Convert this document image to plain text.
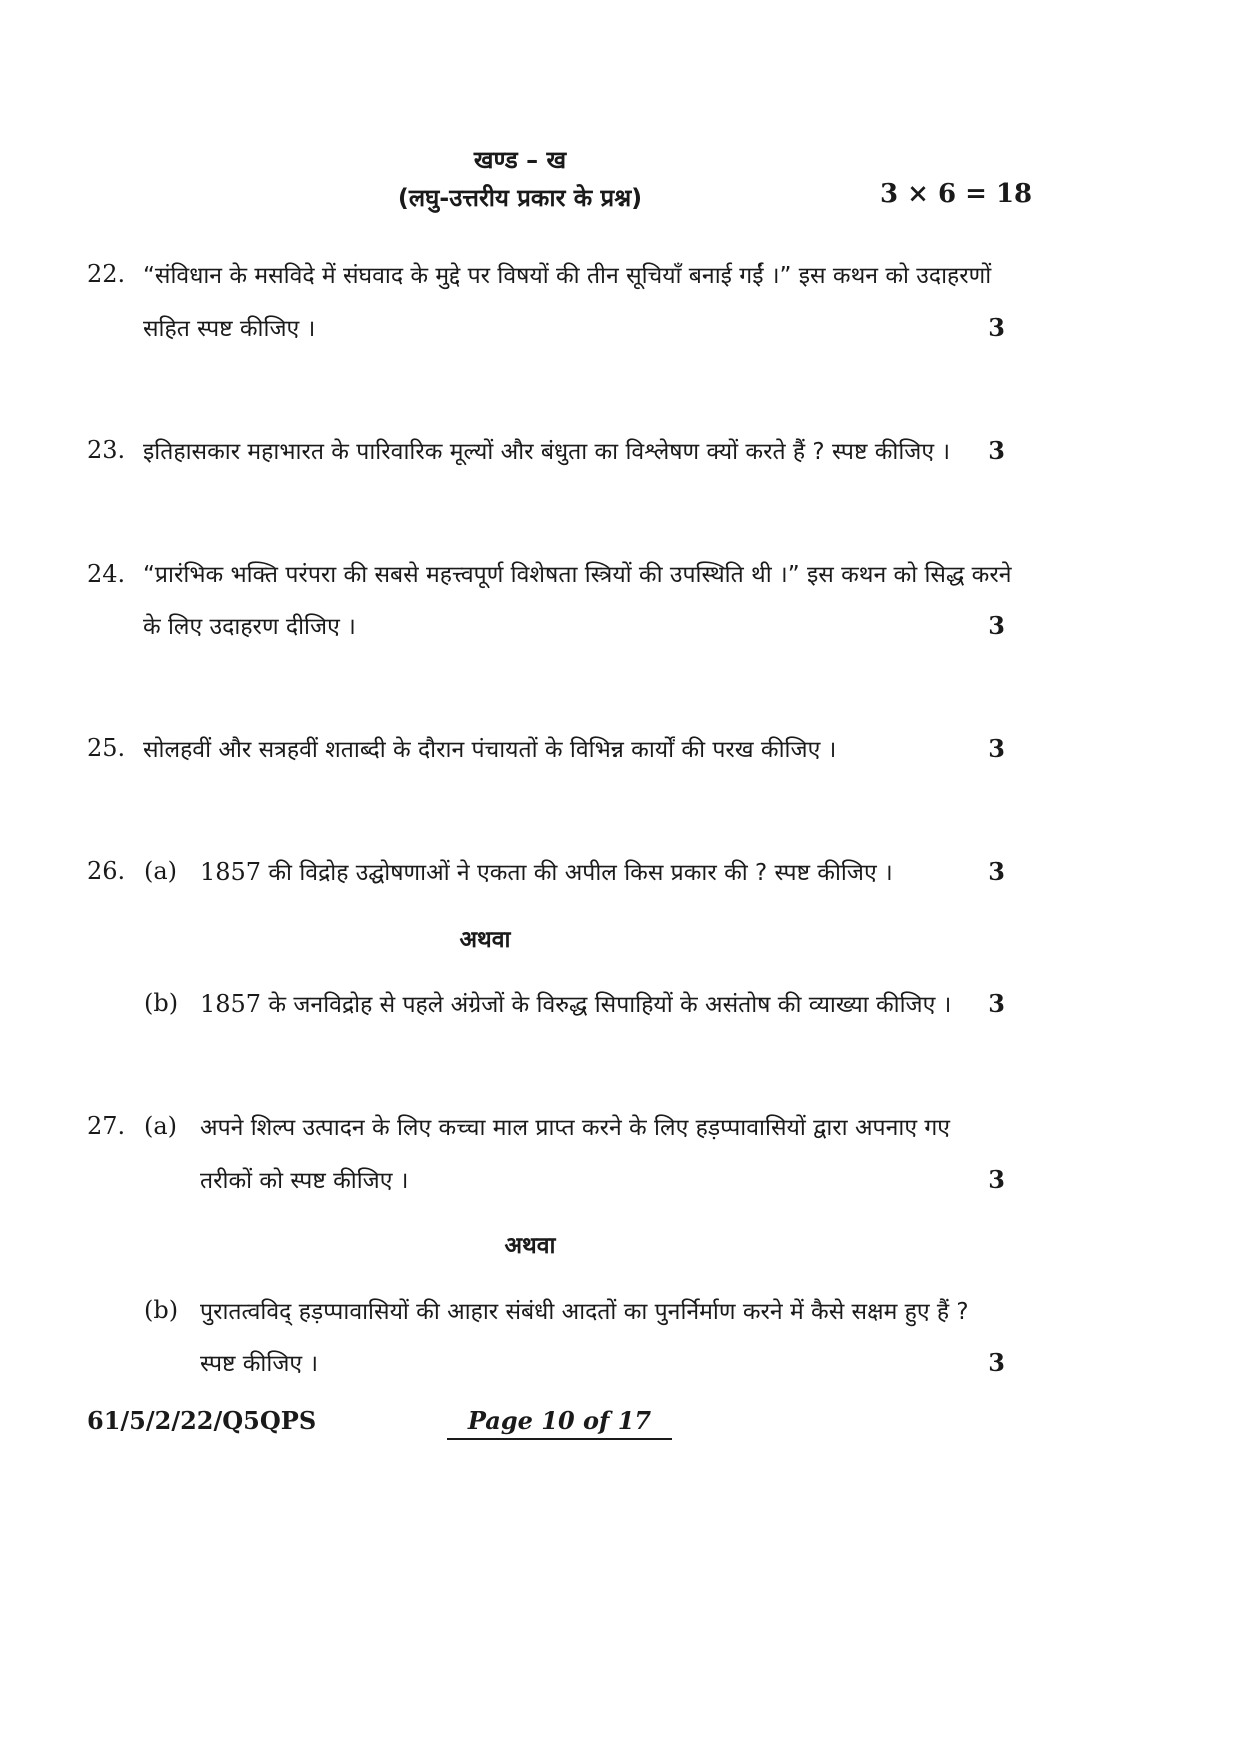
खण्ड – ख
(लघु-उत्तरीय प्रकार के प्रश्न)	3 × 6 = 18
22. “संविधान के मसविदे में संघवाद के मुद्दे पर विषयों की तीन सूचियाँ बनाई गईं ।” इस कथन को उदाहरणों
सहित स्पष्ट कीजिए ।	3
23. इतिहासकार महाभारत के पारिवारिक मूल्यों और बंधुता का विश्लेषण क्यों करते हैं ? स्पष्ट कीजिए ।	3
24. “प्रारंभिक भक्ति परंपरा की सबसे महत्त्वपूर्ण विशेषता स्त्रियों की उपस्थिति थी ।” इस कथन को सिद्ध करने
के लिए उदाहरण दीजिए ।	3
25. सोलहवीं और सत्रहवीं शताब्दी के दौरान पंचायतों के विभिन्न कार्यों की परख कीजिए ।	3
26. (a) 1857 की विद्रोह उद्घोषणाओं ने एकता की अपील किस प्रकार की ? स्पष्ट कीजिए ।	3
अथवा
(b) 1857 के जनविद्रोह से पहले अंग्रेजों के विरुद्ध सिपाहियों के असंतोष की व्याख्या कीजिए ।	3
27. (a) अपने शिल्प उत्पादन के लिए कच्चा माल प्राप्त करने के लिए हड़प्पावासियों द्वारा अपनाए गए
तरीकों को स्पष्ट कीजिए ।	3
अथवा
(b) पुरातत्वविद् हड़प्पावासियों की आहार संबंधी आदतों का पुनर्निर्माण करने में कैसे सक्षम हुए हैं ?
स्पष्ट कीजिए ।	3
61/5/2/22/Q5QPS	Page 10 of 17
